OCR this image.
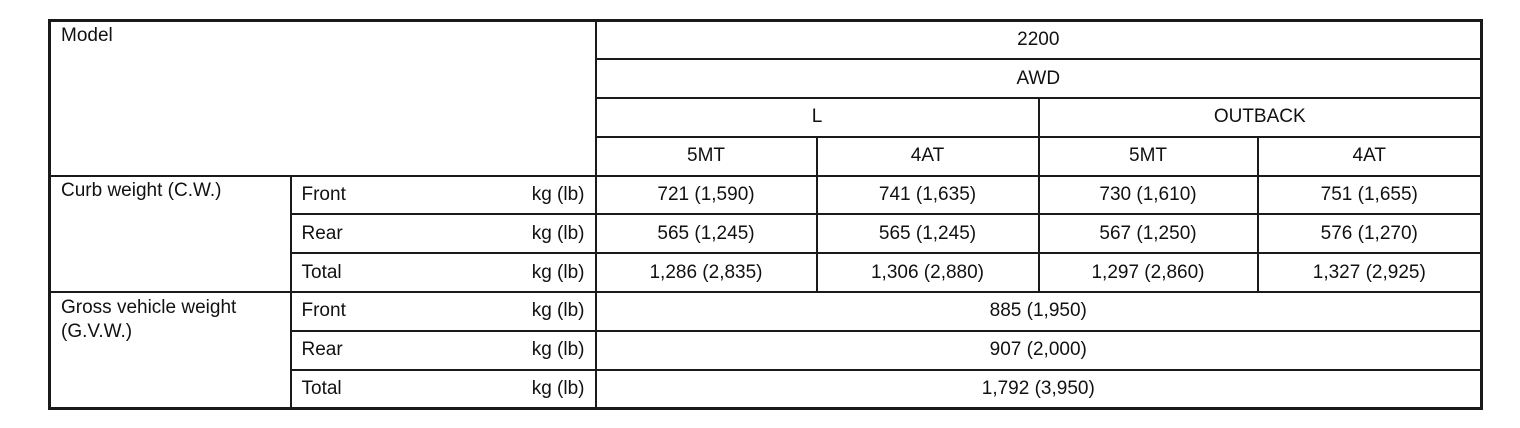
Model			2200			
			AWD			
			L		OUTBACK	
			5MT	4AT	5MT	4AT
Curb weight (C.W.)	Front	kg (lb)	721 (1,590)	741 (1,635)	730 (1,610)	751 (1,655)
	Rear	kg (lb)	565 (1,245)	565 (1,245)	567 (1,250)	576 (1,270)
	Total	kg (lb)	1,286 (2,835)	1,306 (2,880)	1,297 (2,860)	1,327 (2,925)
Gross vehicle weight (G.V.W.)	Front	kg (lb)	885 (1,950)			
	Rear	kg (lb)	907 (2,000)			
	Total	kg (lb)	1,792 (3,950)			
